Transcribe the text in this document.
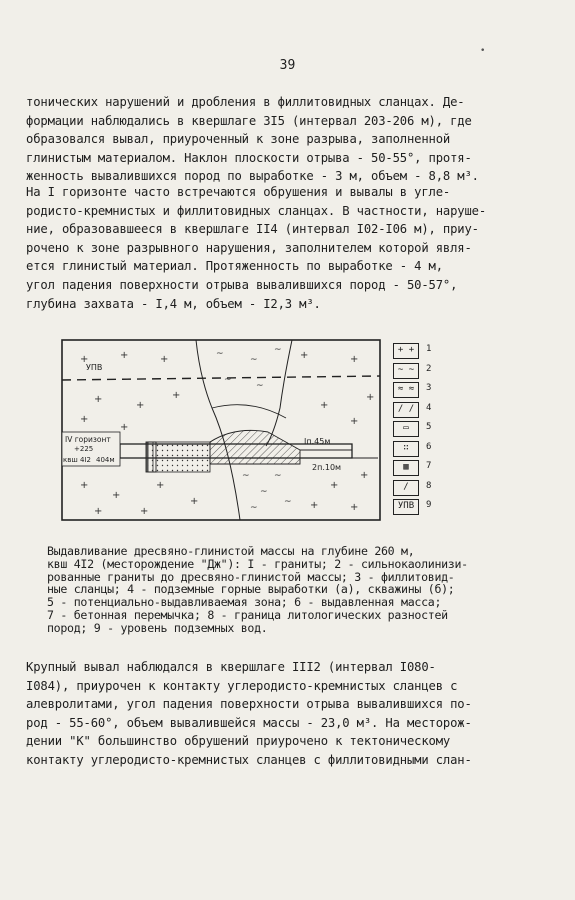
39
•

тонических нарушений и дробления в филлитовидных сланцах. Де-

формации наблюдались в квершлаге 3I5 (интервал 203-206 м), где

образовался вывал, приуроченный к зоне разрыва, заполненной

глинистым материалом. Наклон плоскости отрыва - 50-55°, протя-

женность вывалившихся пород по выработке - 3 м, объем - 8,8 м³.

На I горизонте часто встречаются обрушения и вывалы в угле-

родисто-кремнистых и филлитовидных сланцах. В частности, наруше-

ние, образовавшееся в квершлаге II4 (интервал I02-I06 м), приу-

рочено к зоне разрывного нарушения, заполнителем которой явля-

ется глинистый материал. Протяженность по выработке - 4 м,

угол падения поверхности отрыва вывалившихся пород - 50-57°,

глубина захвата - I,4 м, объем - I2,3 м³.

IV горизонт
+225
квш 4I2 404м
УПВ
Iп.45м
2п.10м
+	+	+
+
+
+
+
+
+
+
+
+
+	+
+
+
+	+
+
+
+	+
+
~
~
~
~
~
~
~
~
~
~
+ +	1
~ ~	2
≈ ≈	3
/ /	4
▭	5
∷	6
▦	7
/	8
УПВ	9

Выдавливание дресвяно-глинистой массы на глубине 260 м,

квш 4I2 (месторождение "Дж"): I - граниты; 2 - сильнокаолинизи-

рованные граниты до дресвяно-глинистой массы; 3 - филлитовид-

ные сланцы; 4 - подземные горные выработки (а), скважины (б);

5 - потенциально-выдавливаемая зона; 6 - выдавленная масса;

7 - бетонная перемычка; 8 - граница литологических разностей

пород; 9 - уровень подземных вод.

Крупный вывал наблюдался в квершлаге III2 (интервал I080-

I084), приурочен к контакту углеродисто-кремнистых сланцев с

алевролитами, угол падения поверхности отрыва вывалившихся по-

род - 55-60°, объем вывалившейся массы - 23,0 м³. На месторож-

дении "К" большинство обрушений приурочено к тектоническому

контакту углеродисто-кремнистых сланцев с филлитовидными слан-
